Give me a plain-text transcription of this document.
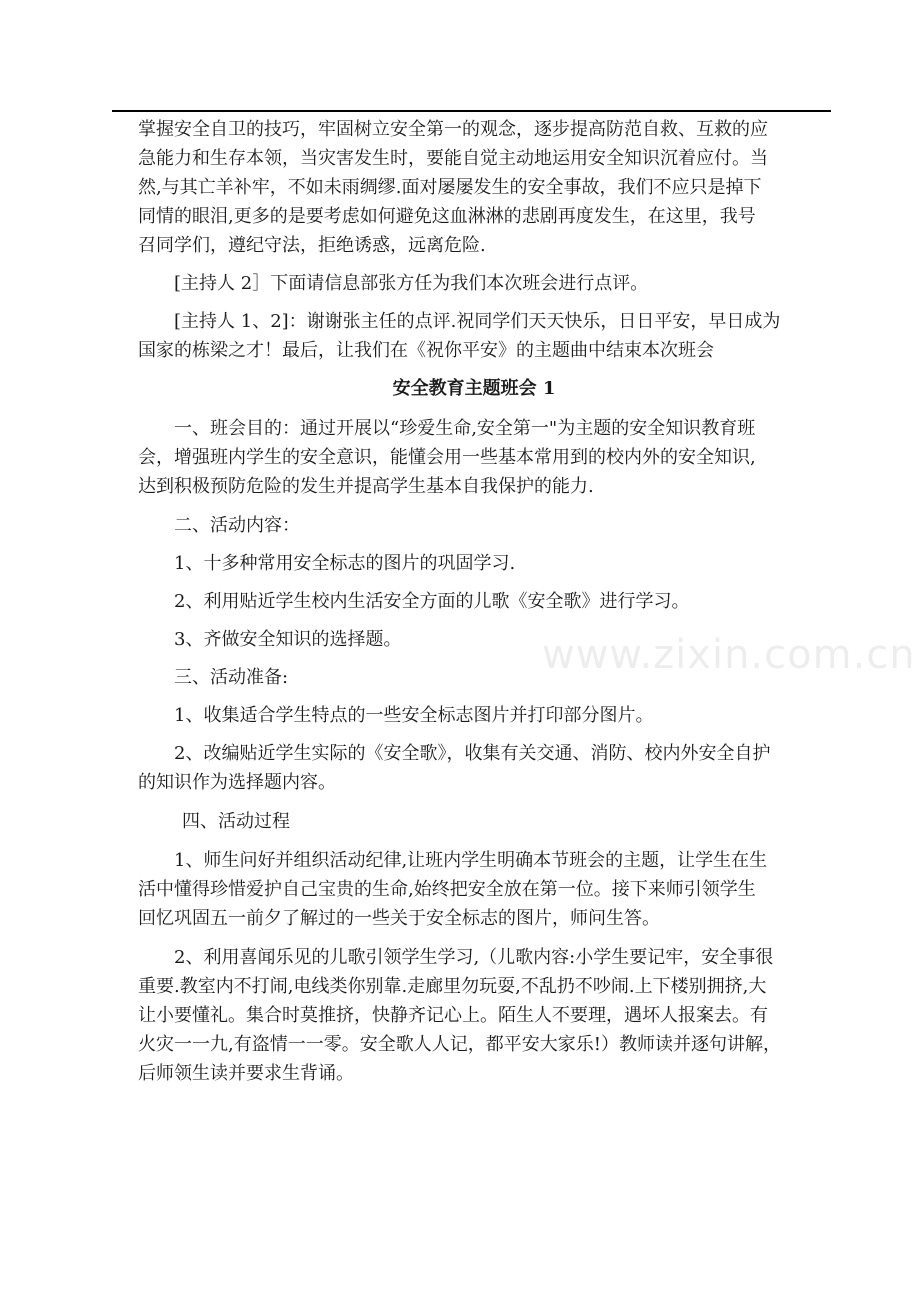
www.zixin.com.cn

掌握安全自卫的技巧，牢固树立安全第一的观念，逐步提高防范自救、互救的应
急能力和生存本领，当灾害发生时，要能自觉主动地运用安全知识沉着应付。当
然,与其亡羊补牢，不如未雨绸缪.面对屡屡发生的安全事故，我们不应只是掉下
同情的眼泪,更多的是要考虑如何避免这血淋淋的悲剧再度发生，在这里，我号
召同学们，遵纪守法，拒绝诱惑，远离危险.

[主持人 2］下面请信息部张方任为我们本次班会进行点评。

[主持人 1、2]：谢谢张主任的点评.祝同学们天天快乐，日日平安，早日成为
国家的栋梁之才！最后，让我们在《祝你平安》的主题曲中结束本次班会

安全教育主题班会 1

一、班会目的：通过开展以“珍爱生命,安全第一"为主题的安全知识教育班
会，增强班内学生的安全意识，能懂会用一些基本常用到的校内外的安全知识,
达到积极预防危险的发生并提高学生基本自我保护的能力.

二、活动内容：

1、十多种常用安全标志的图片的巩固学习.

2、利用贴近学生校内生活安全方面的儿歌《安全歌》进行学习。

3、齐做安全知识的选择题。

三、活动准备:

1、收集适合学生特点的一些安全标志图片并打印部分图片。

2、改编贴近学生实际的《安全歌》，收集有关交通、消防、校内外安全自护
的知识作为选择题内容。

四、活动过程

1、师生问好并组织活动纪律,让班内学生明确本节班会的主题，让学生在生
活中懂得珍惜爱护自己宝贵的生命,始终把安全放在第一位。接下来师引领学生
回忆巩固五一前夕了解过的一些关于安全标志的图片，师问生答。

2、利用喜闻乐见的儿歌引领学生学习,（儿歌内容:小学生要记牢，安全事很
重要.教室内不打闹,电线类你别靠.走廊里勿玩耍,不乱扔不吵闹.上下楼别拥挤,大
让小要懂礼。集合时莫推挤，快静齐记心上。陌生人不要理，遇坏人报案去。有
火灾一一九,有盗情一一零。安全歌人人记，都平安大家乐!）教师读并逐句讲解，
后师领生读并要求生背诵。
